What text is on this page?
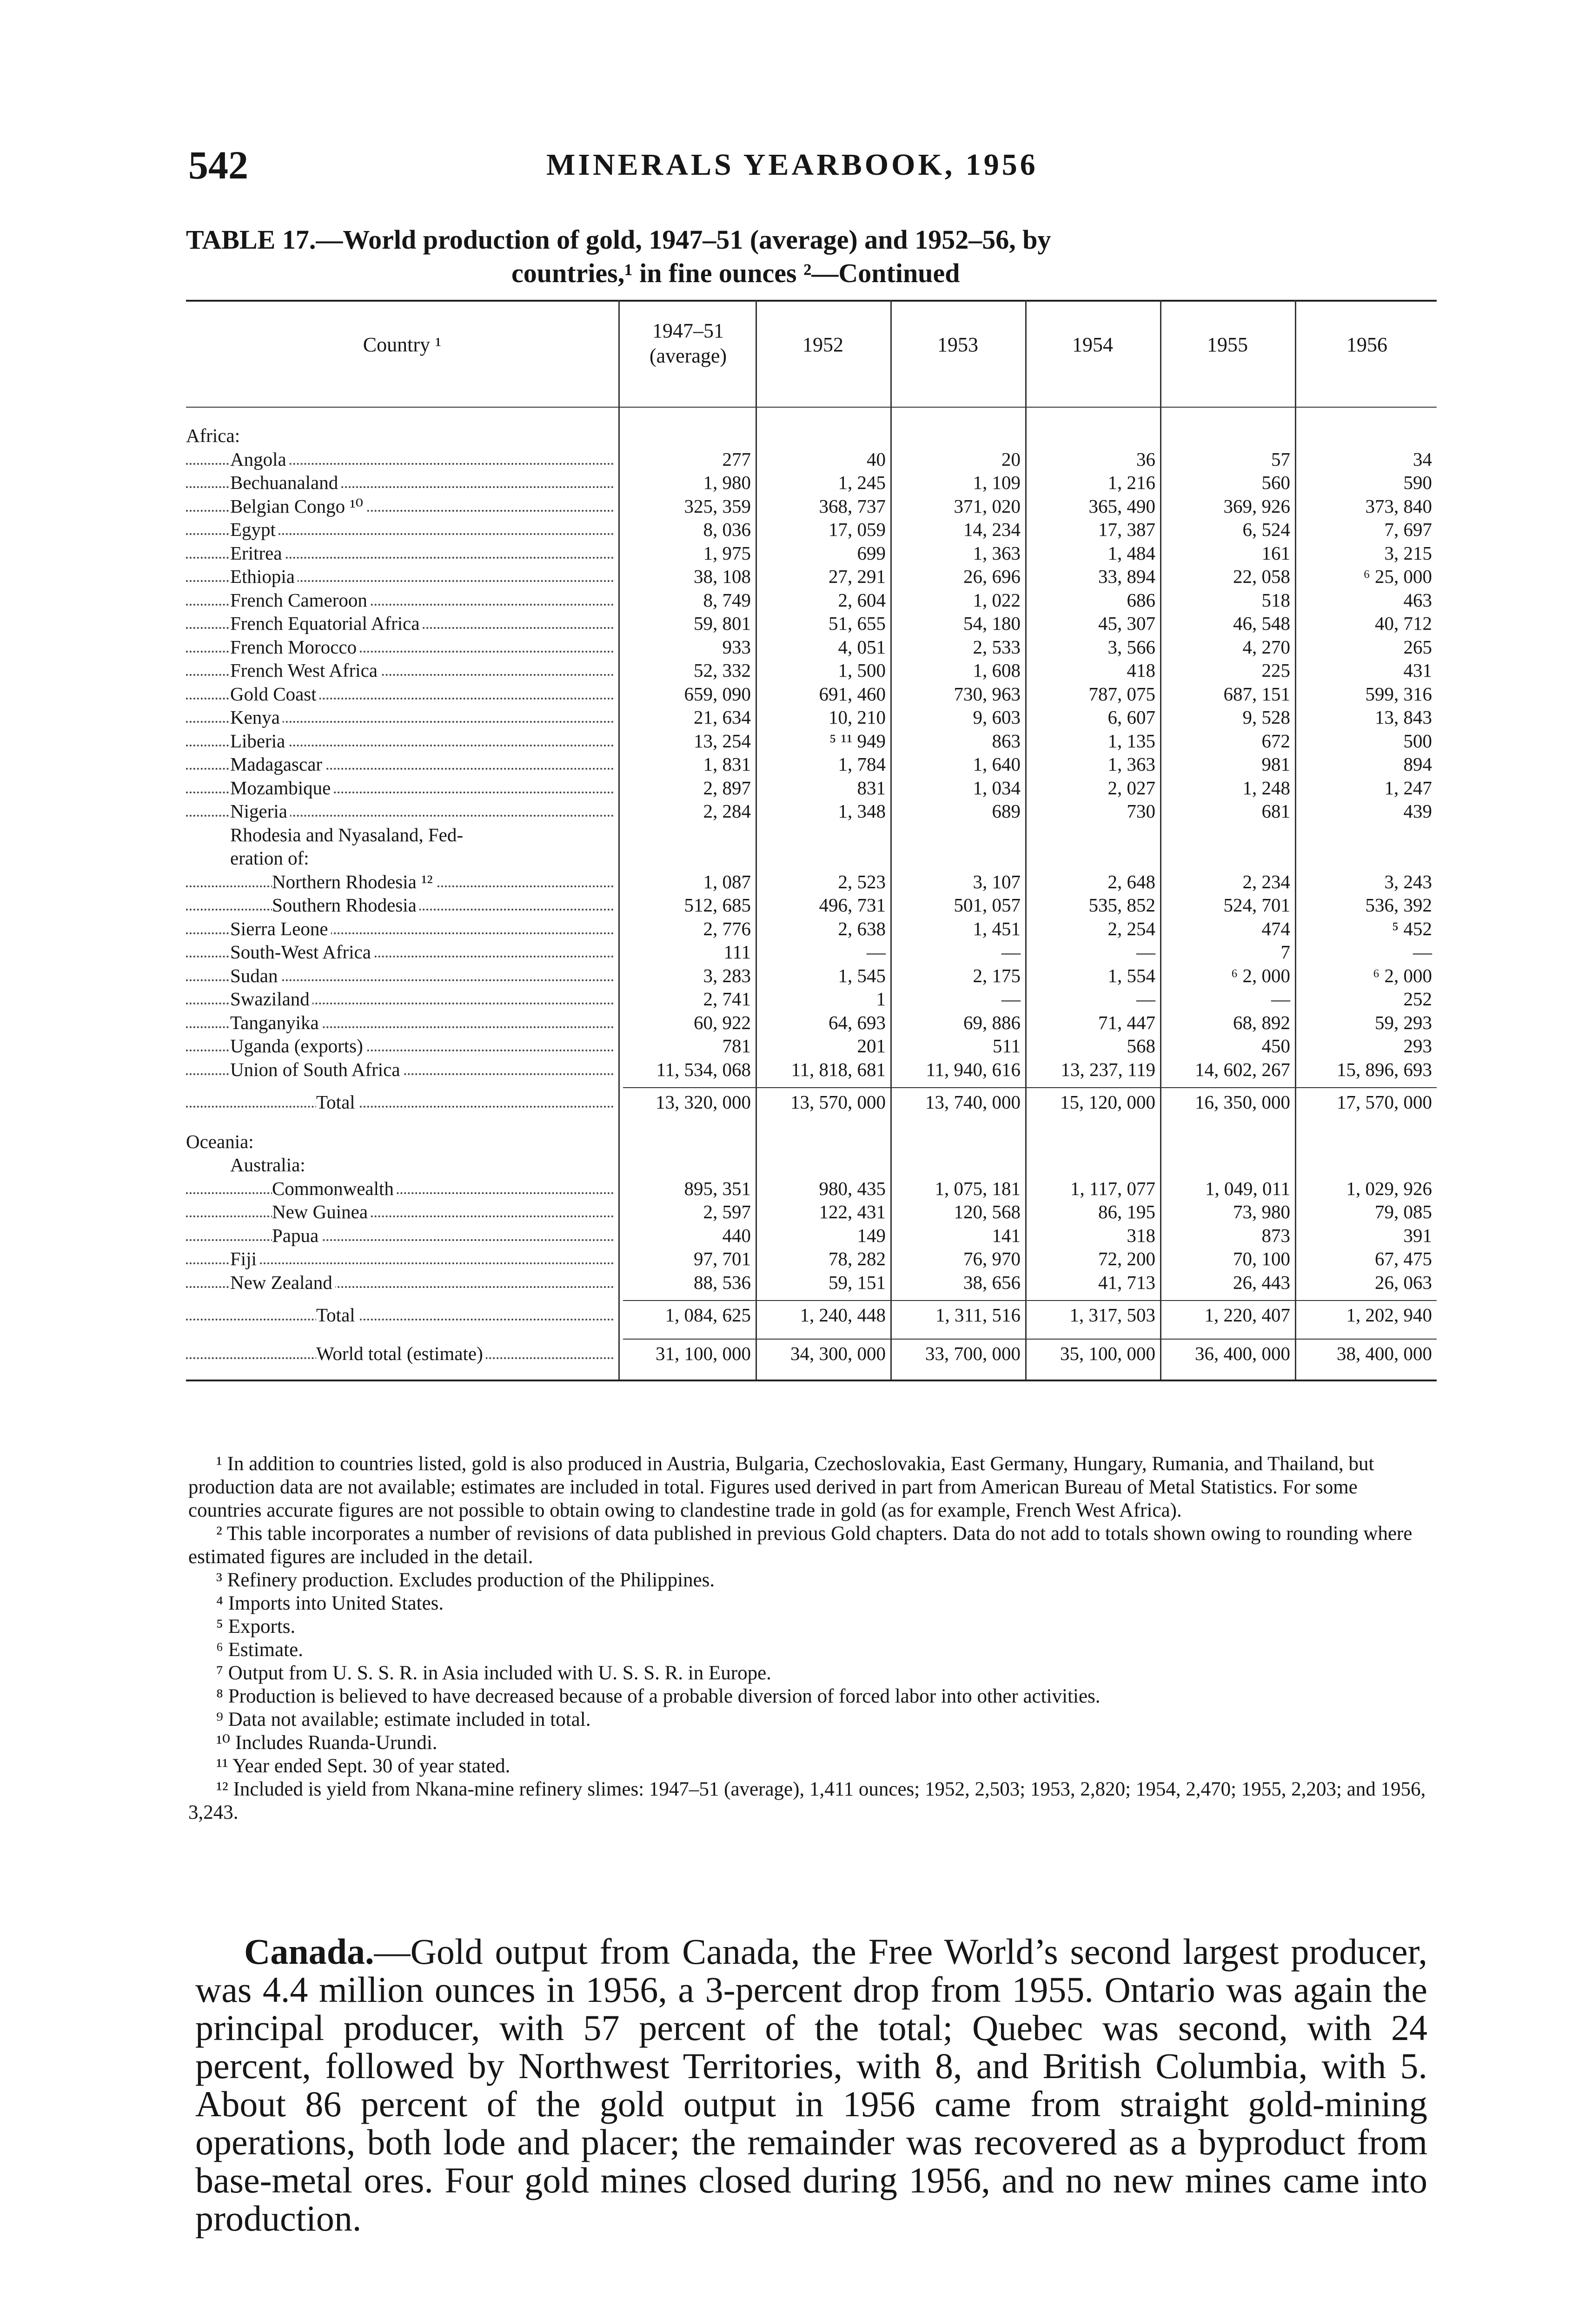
542	MINERALS YEARBOOK, 1956
TABLE 17.—World production of gold, 1947–51 (average) and 1952–56, by
countries,¹ in fine ounces ²—Continued
Country ¹
1947–51 (average)	1952	1953	1954	1955	1956
Africa:
Angola	277	40	20	36	57	34
Bechuanaland	1, 980	1, 245	1, 109	1, 216	560	590
Belgian Congo ¹⁰	325, 359	368, 737	371, 020	365, 490	369, 926	373, 840
Egypt	8, 036	17, 059	14, 234	17, 387	6, 524	7, 697
Eritrea	1, 975	699	1, 363	1, 484	161	3, 215
Ethiopia	38, 108	27, 291	26, 696	33, 894	22, 058	⁶ 25, 000
French Cameroon	8, 749	2, 604	1, 022	686	518	463
French Equatorial Africa	59, 801	51, 655	54, 180	45, 307	46, 548	40, 712
French Morocco	933	4, 051	2, 533	3, 566	4, 270	265
French West Africa	52, 332	1, 500	1, 608	418	225	431
Gold Coast	659, 090	691, 460	730, 963	787, 075	687, 151	599, 316
Kenya	21, 634	10, 210	9, 603	6, 607	9, 528	13, 843
Liberia	13, 254	⁵ ¹¹ 949	863	1, 135	672	500
Madagascar	1, 831	1, 784	1, 640	1, 363	981	894
Mozambique	2, 897	831	1, 034	2, 027	1, 248	1, 247
Nigeria	2, 284	1, 348	689	730	681	439
Rhodesia and Nyasaland, Fed-
eration of:
Northern Rhodesia ¹²	1, 087	2, 523	3, 107	2, 648	2, 234	3, 243
Southern Rhodesia	512, 685	496, 731	501, 057	535, 852	524, 701	536, 392
Sierra Leone	2, 776	2, 638	1, 451	2, 254	474	⁵ 452
South-West Africa	111	—	—	—	7	—
Sudan	3, 283	1, 545	2, 175	1, 554	⁶ 2, 000	⁶ 2, 000
Swaziland	2, 741	1	—	—	—	252
Tanganyika	60, 922	64, 693	69, 886	71, 447	68, 892	59, 293
Uganda (exports)	781	201	511	568	450	293
Union of South Africa	11, 534, 068	11, 818, 681	11, 940, 616	13, 237, 119	14, 602, 267	15, 896, 693
Total	13, 320, 000	13, 570, 000	13, 740, 000	15, 120, 000	16, 350, 000	17, 570, 000
Oceania:
Australia:
Commonwealth	895, 351	980, 435	1, 075, 181	1, 117, 077	1, 049, 011	1, 029, 926
New Guinea	2, 597	122, 431	120, 568	86, 195	73, 980	79, 085
Papua	440	149	141	318	873	391
Fiji	97, 701	78, 282	76, 970	72, 200	70, 100	67, 475
New Zealand	88, 536	59, 151	38, 656	41, 713	26, 443	26, 063
Total	1, 084, 625	1, 240, 448	1, 311, 516	1, 317, 503	1, 220, 407	1, 202, 940
World total (estimate)	31, 100, 000	34, 300, 000	33, 700, 000	35, 100, 000	36, 400, 000	38, 400, 000

¹ In addition to countries listed, gold is also produced in Austria, Bulgaria, Czechoslovakia, East Germany, Hungary, Rumania, and Thailand, but production data are not available; estimates are included in total. Figures used derived in part from American Bureau of Metal Statistics. For some countries accurate figures are not possible to obtain owing to clandestine trade in gold (as for example, French West Africa).

² This table incorporates a number of revisions of data published in previous Gold chapters. Data do not add to totals shown owing to rounding where estimated figures are included in the detail.

³ Refinery production. Excludes production of the Philippines.

⁴ Imports into United States.

⁵ Exports.

⁶ Estimate.

⁷ Output from U. S. S. R. in Asia included with U. S. S. R. in Europe.

⁸ Production is believed to have decreased because of a probable diversion of forced labor into other activities.

⁹ Data not available; estimate included in total.

¹⁰ Includes Ruanda-Urundi.

¹¹ Year ended Sept. 30 of year stated.

¹² Included is yield from Nkana-mine refinery slimes: 1947–51 (average), 1,411 ounces; 1952, 2,503; 1953, 2,820; 1954, 2,470; 1955, 2,203; and 1956, 3,243.

Canada.—Gold output from Canada, the Free World’s second largest producer, was 4.4 million ounces in 1956, a 3-percent drop from 1955. Ontario was again the principal producer, with 57 percent of the total; Quebec was second, with 24 percent, followed by Northwest Territories, with 8, and British Columbia, with 5. About 86 percent of the gold output in 1956 came from straight gold-mining operations, both lode and placer; the remainder was recovered as a byproduct from base-metal ores. Four gold mines closed during 1956, and no new mines came into production.
